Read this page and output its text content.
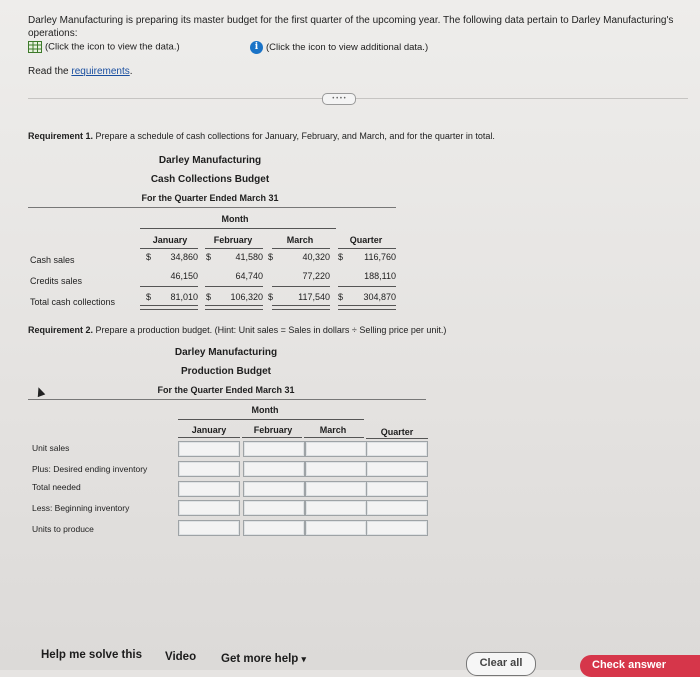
Darley Manufacturing is preparing its master budget for the first quarter of the upcoming year. The following data pertain to Darley Manufacturing's operations:
(Click the icon to view the data.)	i (Click the icon to view additional data.)
Read the requirements.
• • • •
Requirement 1. Prepare a schedule of cash collections for January, February, and March, and for the quarter in total.
Darley Manufacturing
Cash Collections Budget
For the Quarter Ended March 31
Month
January	February	March	Quarter
Cash sales	$	34,860 $	41,580 $	40,320 $	116,760
Credits sales	46,150	64,740	77,220	188,110
Total cash collections	$	81,010 $	106,320 $	117,540 $	304,870
Requirement 2. Prepare a production budget. (Hint: Unit sales = Sales in dollars ÷ Selling price per unit.)
Darley Manufacturing
Production Budget
For the Quarter Ended March 31
Month
January	February	March	Quarter
Unit sales
Plus: Desired ending inventory
Total needed
Less: Beginning inventory
Units to produce
Help me solve this Video Get more help ▾	Clear all	Check answer
